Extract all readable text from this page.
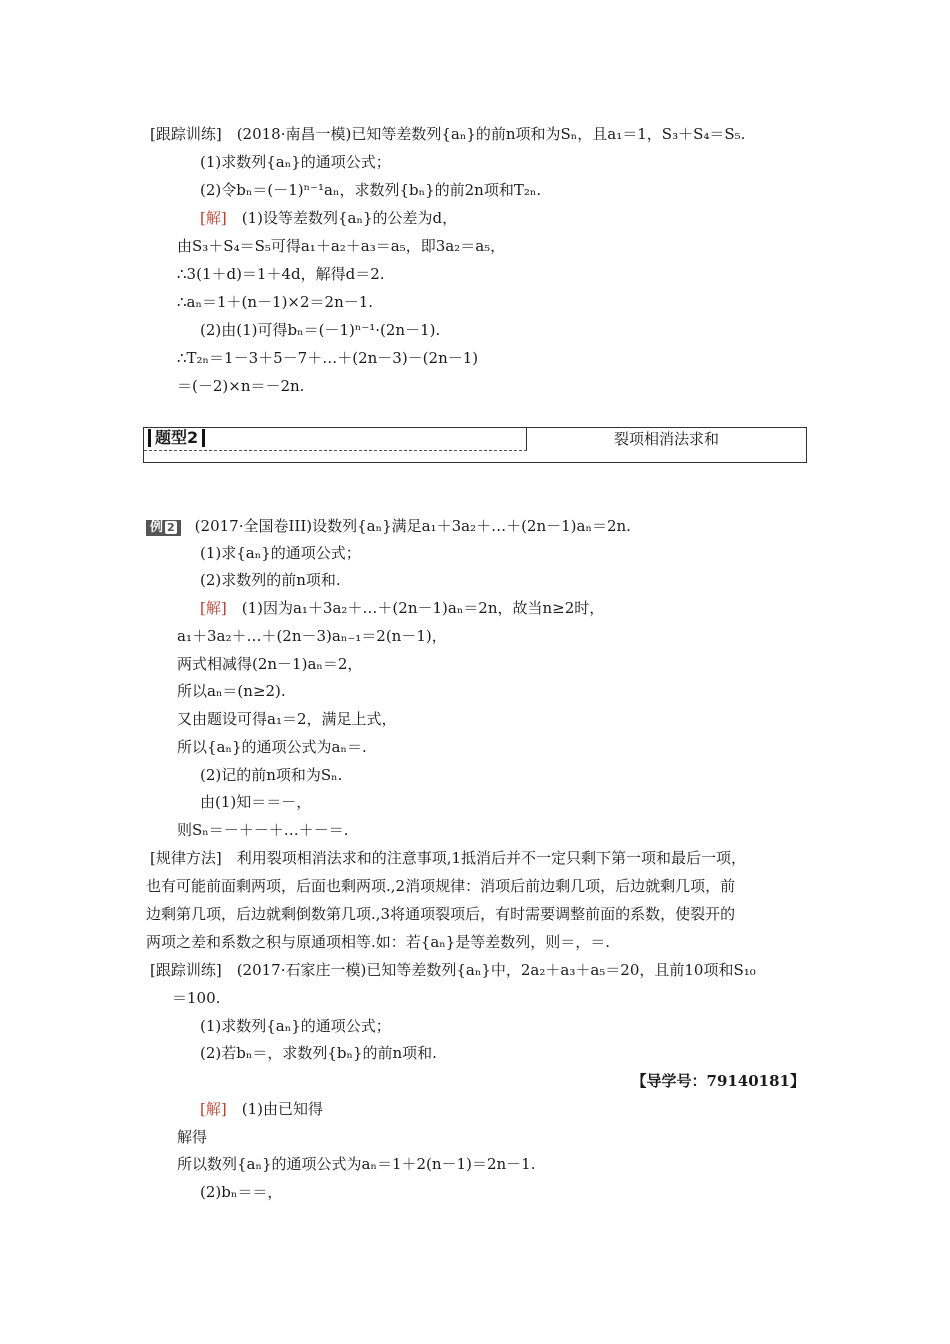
[跟踪训练]　(2018·南昌一模)已知等差数列{aₙ}的前n项和为Sₙ，且a₁＝1，S₃＋S₄＝S₅.
(1)求数列{aₙ}的通项公式；
(2)令bₙ＝(－1)ⁿ⁻¹aₙ，求数列{bₙ}的前2n项和T₂ₙ.
[解]　(1)设等差数列{aₙ}的公差为d，
由S₃＋S₄＝S₅可得a₁＋a₂＋a₃＝a₅，即3a₂＝a₅，
∴3(1＋d)＝1＋4d，解得d＝2.
∴aₙ＝1＋(n－1)×2＝2n－1.
(2)由(1)可得bₙ＝(－1)ⁿ⁻¹·(2n－1).
∴T₂ₙ＝1－3＋5－7＋…＋(2n－3)－(2n－1)
＝(－2)×n＝－2n.
题型2	裂项相消法求和
例 2 (2017·全国卷III)设数列{aₙ}满足a₁＋3a₂＋…＋(2n－1)aₙ＝2n.
(1)求{aₙ}的通项公式；
(2)求数列的前n项和.
[解]　(1)因为a₁＋3a₂＋…＋(2n－1)aₙ＝2n，故当n≥2时，
a₁＋3a₂＋…＋(2n－3)aₙ₋₁＝2(n－1)，
两式相减得(2n－1)aₙ＝2，
所以aₙ＝(n≥2).
又由题设可得a₁＝2，满足上式，
所以{aₙ}的通项公式为aₙ＝.
(2)记的前n项和为Sₙ.
由(1)知＝＝－，
则Sₙ＝－＋－＋…＋－＝.
[规律方法]　利用裂项相消法求和的注意事项,1抵消后并不一定只剩下第一项和最后一项，
也有可能前面剩两项，后面也剩两项.,2消项规律：消项后前边剩几项，后边就剩几项，前
边剩第几项，后边就剩倒数第几项.,3将通项裂项后，有时需要调整前面的系数，使裂开的
两项之差和系数之积与原通项相等.如：若{aₙ}是等差数列，则＝，＝.
[跟踪训练]　(2017·石家庄一模)已知等差数列{aₙ}中，2a₂＋a₃＋a₅＝20，且前10项和S₁₀
＝100.
(1)求数列{aₙ}的通项公式；
(2)若bₙ＝，求数列{bₙ}的前n项和.
【导学号：79140181】
[解]　(1)由已知得
解得
所以数列{aₙ}的通项公式为aₙ＝1＋2(n－1)＝2n－1.
(2)bₙ＝＝，
